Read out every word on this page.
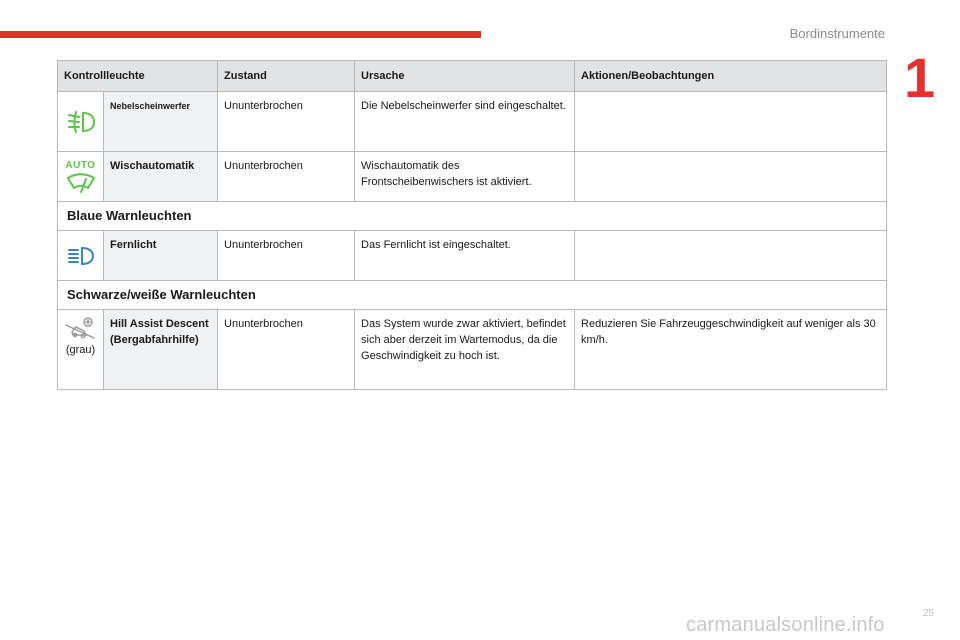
Bordinstrumente
1
Kontrollleuchte		Zustand	Ursache	Aktionen/Beobachtungen

	Nebelscheinwerfer	Ununterbrochen	Die Nebelscheinwerfer sind eingeschaltet.	

AUTO	Wischautomatik	Ununterbrochen	Wischautomatik des Frontscheibenwischers ist aktiviert.	
Blaue Warnleuchten				

	Fernlicht	Ununterbrochen	Das Fernlicht ist eingeschaltet.	
Schwarze/weiße Warnleuchten				

(grau)	Hill Assist Descent (Bergabfahrhilfe)	Ununterbrochen	Das System wurde zwar aktiviert, befindet sich aber derzeit im Wartemodus, da die Geschwindigkeit zu hoch ist.	Reduzieren Sie Fahrzeuggeschwindigkeit auf weniger als 30 km/h.
25
carmanualsonline.info
